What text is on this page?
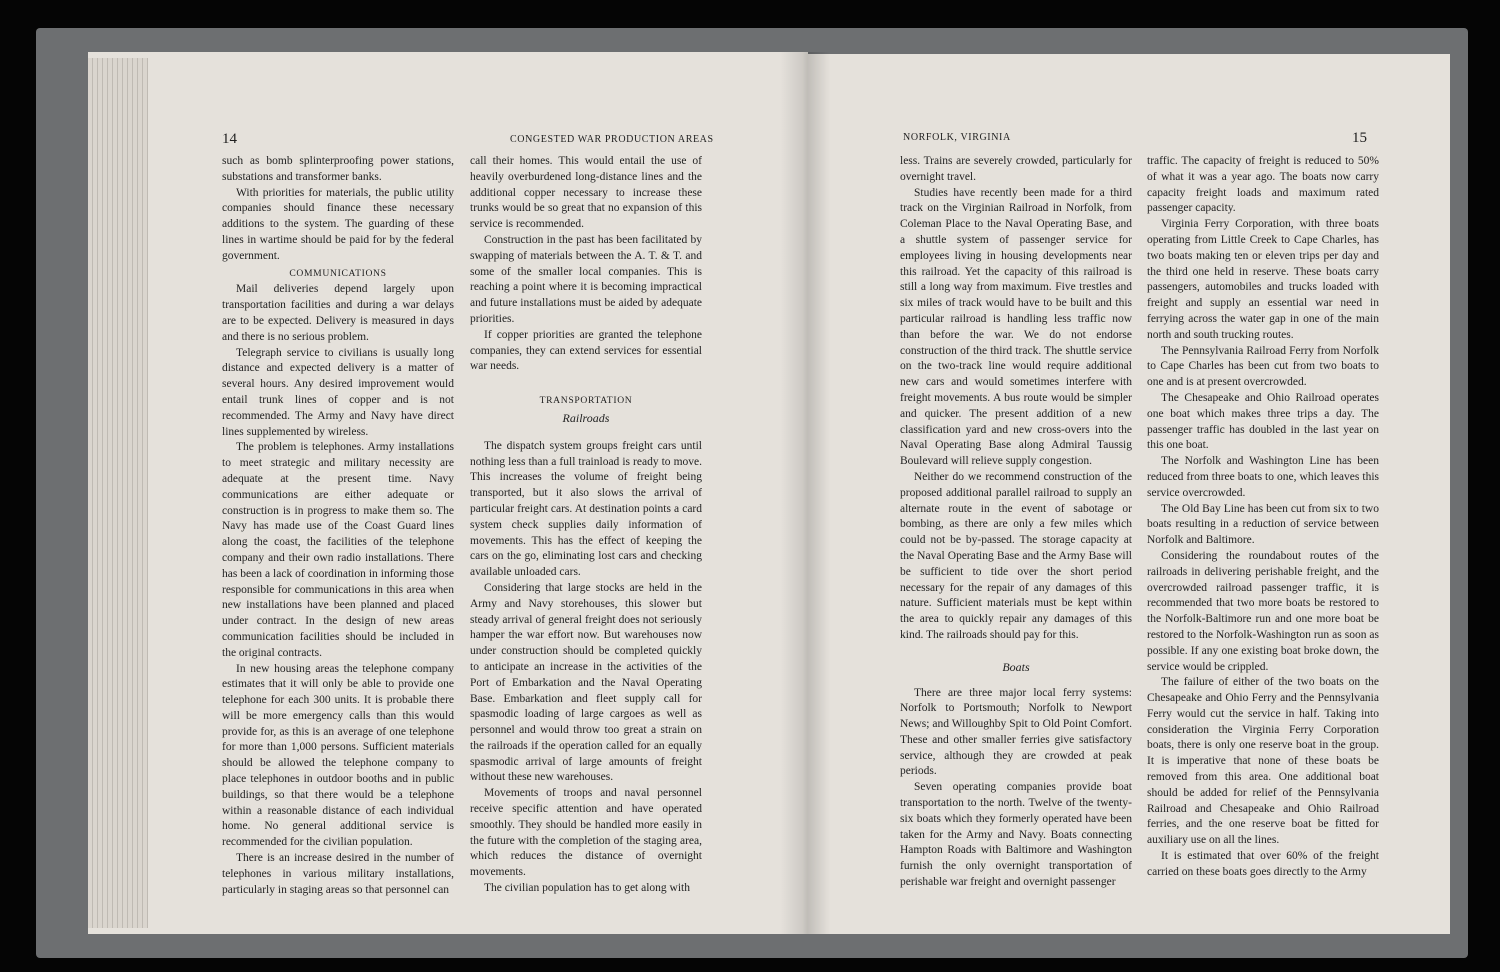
14	CONGESTED WAR PRODUCTION AREAS	NORFOLK, VIRGINIA	15

such as bomb splinterproofing power stations, substations and transformer banks.

With priorities for materials, the public utility companies should finance these necessary additions to the system. The guarding of these lines in wartime should be paid for by the federal government.

COMMUNICATIONS

Mail deliveries depend largely upon transportation facilities and during a war delays are to be expected. Delivery is measured in days and there is no serious problem.

Telegraph service to civilians is usually long distance and expected delivery is a matter of several hours. Any desired improvement would entail trunk lines of copper and is not recommended. The Army and Navy have direct lines supplemented by wireless.

The problem is telephones. Army installations to meet strategic and military necessity are adequate at the present time. Navy communications are either adequate or construction is in progress to make them so. The Navy has made use of the Coast Guard lines along the coast, the facilities of the telephone company and their own radio installations. There has been a lack of coordination in informing those responsible for communications in this area when new installations have been planned and placed under contract. In the design of new areas communication facilities should be included in the original contracts.

In new housing areas the telephone company estimates that it will only be able to provide one telephone for each 300 units. It is probable there will be more emergency calls than this would provide for, as this is an average of one telephone for more than 1,000 persons. Sufficient materials should be allowed the telephone company to place telephones in outdoor booths and in public buildings, so that there would be a telephone within a reasonable distance of each individual home. No general additional service is recommended for the civilian population.

There is an increase desired in the number of telephones in various military installations, particularly in staging areas so that personnel can

call their homes. This would entail the use of heavily overburdened long-distance lines and the additional copper necessary to increase these trunks would be so great that no expansion of this service is recommended.

Construction in the past has been facilitated by swapping of materials between the A. T. & T. and some of the smaller local companies. This is reaching a point where it is becoming impractical and future installations must be aided by adequate priorities.

If copper priorities are granted the telephone companies, they can extend services for essential war needs.

TRANSPORTATION
Railroads

The dispatch system groups freight cars until nothing less than a full trainload is ready to move. This increases the volume of freight being transported, but it also slows the arrival of particular freight cars. At destination points a card system check supplies daily information of movements. This has the effect of keeping the cars on the go, eliminating lost cars and checking available unloaded cars.

Considering that large stocks are held in the Army and Navy storehouses, this slower but steady arrival of general freight does not seriously hamper the war effort now. But warehouses now under construction should be completed quickly to anticipate an increase in the activities of the Port of Embarkation and the Naval Operating Base. Embarkation and fleet supply call for spasmodic loading of large cargoes as well as personnel and would throw too great a strain on the railroads if the operation called for an equally spasmodic arrival of large amounts of freight without these new warehouses.

Movements of troops and naval personnel receive specific attention and have operated smoothly. They should be handled more easily in the future with the completion of the staging area, which reduces the distance of overnight movements.

The civilian population has to get along with

less. Trains are severely crowded, particularly for overnight travel.

Studies have recently been made for a third track on the Virginian Railroad in Norfolk, from Coleman Place to the Naval Operating Base, and a shuttle system of passenger service for employees living in housing developments near this railroad. Yet the capacity of this railroad is still a long way from maximum. Five trestles and six miles of track would have to be built and this particular railroad is handling less traffic now than before the war. We do not endorse construction of the third track. The shuttle service on the two-track line would require additional new cars and would sometimes interfere with freight movements. A bus route would be simpler and quicker. The present addition of a new classification yard and new cross-overs into the Naval Operating Base along Admiral Taussig Boulevard will relieve supply congestion.

Neither do we recommend construction of the proposed additional parallel railroad to supply an alternate route in the event of sabotage or bombing, as there are only a few miles which could not be by-passed. The storage capacity at the Naval Operating Base and the Army Base will be sufficient to tide over the short period necessary for the repair of any damages of this nature. Sufficient materials must be kept within the area to quickly repair any damages of this kind. The railroads should pay for this.

Boats

There are three major local ferry systems: Norfolk to Portsmouth; Norfolk to Newport News; and Willoughby Spit to Old Point Comfort. These and other smaller ferries give satisfactory service, although they are crowded at peak periods.

Seven operating companies provide boat transportation to the north. Twelve of the twenty-six boats which they formerly operated have been taken for the Army and Navy. Boats connecting Hampton Roads with Baltimore and Washington furnish the only overnight transportation of perishable war freight and overnight passenger

traffic. The capacity of freight is reduced to 50% of what it was a year ago. The boats now carry capacity freight loads and maximum rated passenger capacity.

Virginia Ferry Corporation, with three boats operating from Little Creek to Cape Charles, has two boats making ten or eleven trips per day and the third one held in reserve. These boats carry passengers, automobiles and trucks loaded with freight and supply an essential war need in ferrying across the water gap in one of the main north and south trucking routes.

The Pennsylvania Railroad Ferry from Norfolk to Cape Charles has been cut from two boats to one and is at present overcrowded.

The Chesapeake and Ohio Railroad operates one boat which makes three trips a day. The passenger traffic has doubled in the last year on this one boat.

The Norfolk and Washington Line has been reduced from three boats to one, which leaves this service overcrowded.

The Old Bay Line has been cut from six to two boats resulting in a reduction of service between Norfolk and Baltimore.

Considering the roundabout routes of the railroads in delivering perishable freight, and the overcrowded railroad passenger traffic, it is recommended that two more boats be restored to the Norfolk-Baltimore run and one more boat be restored to the Norfolk-Washington run as soon as possible. If any one existing boat broke down, the service would be crippled.

The failure of either of the two boats on the Chesapeake and Ohio Ferry and the Pennsylvania Ferry would cut the service in half. Taking into consideration the Virginia Ferry Corporation boats, there is only one reserve boat in the group. It is imperative that none of these boats be removed from this area. One additional boat should be added for relief of the Pennsylvania Railroad and Chesapeake and Ohio Railroad ferries, and the one reserve boat be fitted for auxiliary use on all the lines.

It is estimated that over 60% of the freight carried on these boats goes directly to the Army
